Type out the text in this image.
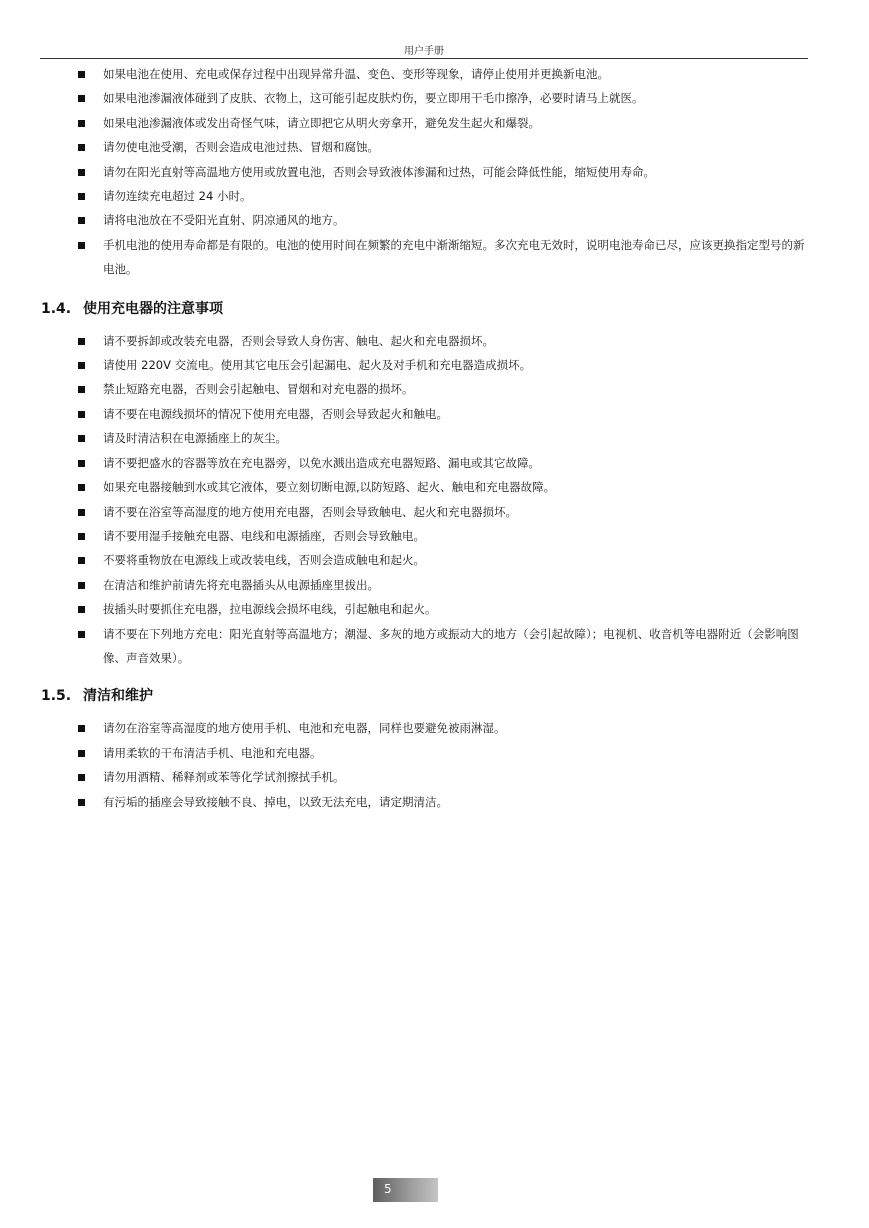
用户手册
如果电池在使用、充电或保存过程中出现异常升温、变色、变形等现象，请停止使用并更换新电池。
如果电池渗漏液体碰到了皮肤、衣物上，这可能引起皮肤灼伤，要立即用干毛巾擦净，必要时请马上就医。
如果电池渗漏液体或发出奇怪气味，请立即把它从明火旁拿开，避免发生起火和爆裂。
请勿使电池受潮，否则会造成电池过热、冒烟和腐蚀。
请勿在阳光直射等高温地方使用或放置电池，否则会导致液体渗漏和过热，可能会降低性能，缩短使用寿命。
请勿连续充电超过 24 小时。
请将电池放在不受阳光直射、阴凉通风的地方。
手机电池的使用寿命都是有限的。电池的使用时间在频繁的充电中渐渐缩短。多次充电无效时，说明电池寿命已尽，应该更换指定型号的新电池。
1.4. 使用充电器的注意事项
请不要拆卸或改装充电器，否则会导致人身伤害、触电、起火和充电器损坏。
请使用 220V 交流电。使用其它电压会引起漏电、起火及对手机和充电器造成损坏。
禁止短路充电器，否则会引起触电、冒烟和对充电器的损坏。
请不要在电源线损坏的情况下使用充电器，否则会导致起火和触电。
请及时清洁积在电源插座上的灰尘。
请不要把盛水的容器等放在充电器旁，以免水溅出造成充电器短路、漏电或其它故障。
如果充电器接触到水或其它液体，要立刻切断电源,以防短路、起火、触电和充电器故障。
请不要在浴室等高湿度的地方使用充电器，否则会导致触电、起火和充电器损坏。
请不要用湿手接触充电器、电线和电源插座，否则会导致触电。
不要将重物放在电源线上或改装电线，否则会造成触电和起火。
在清洁和维护前请先将充电器插头从电源插座里拔出。
拔插头时要抓住充电器，拉电源线会损坏电线，引起触电和起火。
请不要在下列地方充电：阳光直射等高温地方；潮湿、多灰的地方或振动大的地方（会引起故障）；电视机、收音机等电器附近（会影响图像、声音效果）。
1.5. 清洁和维护
请勿在浴室等高湿度的地方使用手机、电池和充电器，同样也要避免被雨淋湿。
请用柔软的干布清洁手机、电池和充电器。
请勿用酒精、稀释剂或苯等化学试剂擦拭手机。
有污垢的插座会导致接触不良、掉电，以致无法充电，请定期清洁。
5
